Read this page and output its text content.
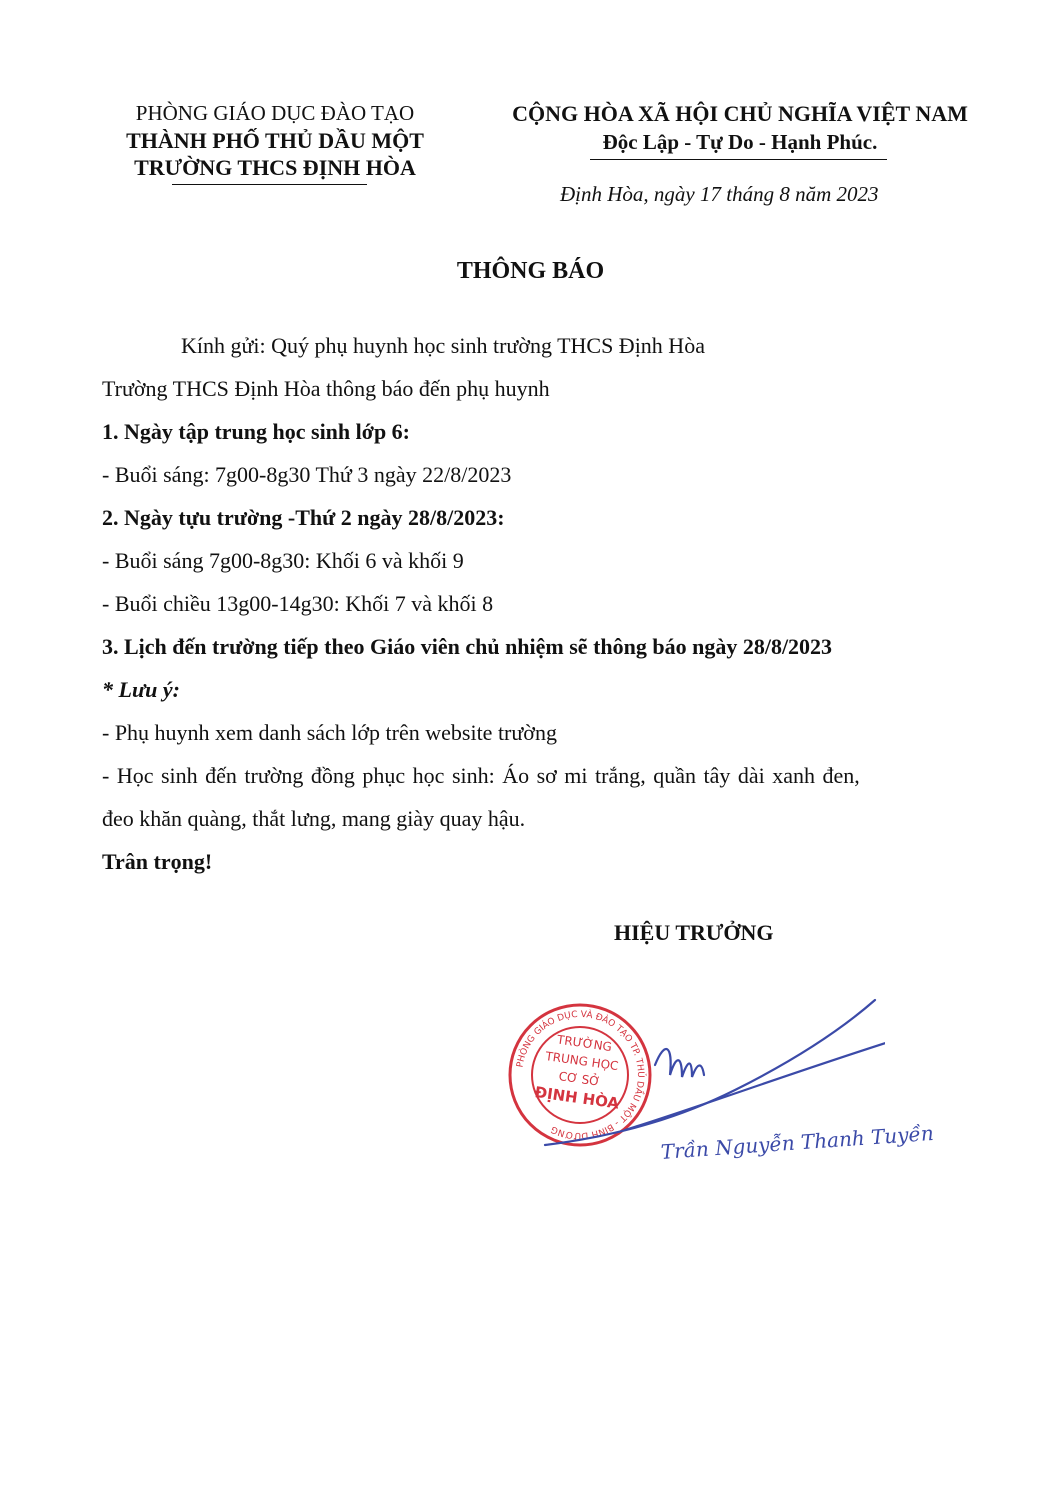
PHÒNG GIÁO DỤC ĐÀO TẠO
THÀNH PHỐ THỦ DẦU MỘT
TRƯỜNG THCS ĐỊNH HÒA
CỘNG HÒA XÃ HỘI CHỦ NGHĨA VIỆT NAM
Độc Lập - Tự Do - Hạnh Phúc.
Định Hòa, ngày 17 tháng 8 năm 2023
THÔNG BÁO
Kính gửi: Quý phụ huynh học sinh trường THCS Định Hòa
Trường THCS Định Hòa thông báo đến phụ huynh
1. Ngày tập trung học sinh lớp 6:
- Buổi sáng: 7g00-8g30 Thứ 3 ngày 22/8/2023
2. Ngày tựu trường -Thứ 2 ngày 28/8/2023:
- Buổi sáng 7g00-8g30: Khối 6 và khối 9
- Buổi chiều 13g00-14g30: Khối 7 và khối 8
3. Lịch đến trường tiếp theo Giáo viên chủ nhiệm sẽ thông báo ngày 28/8/2023
* Lưu ý:
- Phụ huynh xem danh sách lớp trên website trường
- Học sinh đến trường đồng phục học sinh: Áo sơ mi trắng, quần tây dài xanh đen,
đeo khăn quàng, thắt lưng, mang giày quay hậu.
Trân trọng!
HIỆU TRƯỞNG
PHÒNG GIÁO DỤC VÀ ĐÀO TẠO TP. THỦ DẦU MỘT - BÌNH DƯƠNG
TRƯỜNG
TRUNG HỌC
CƠ SỞ
ĐỊNH HÒA
Trần Nguyễn Thanh Tuyền
